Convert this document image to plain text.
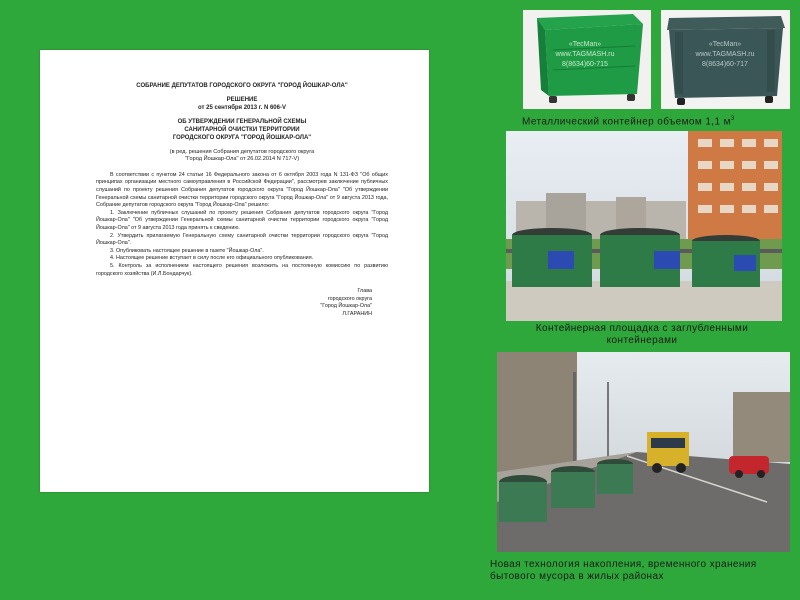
СОБРАНИЕ ДЕПУТАТОВ ГОРОДСКОГО ОКРУГА "ГОРОД ЙОШКАР-ОЛА"
РЕШЕНИЕ
от 25 сентября 2013 г. N 606-V
ОБ УТВЕРЖДЕНИИ ГЕНЕРАЛЬНОЙ СХЕМЫ
САНИТАРНОЙ ОЧИСТКИ ТЕРРИТОРИИ
ГОРОДСКОГО ОКРУГА "ГОРОД ЙОШКАР-ОЛА"
(в ред. решения Собрания депутатов городского округа
"Город Йошкар-Ола" от 26.02.2014 N 717-V)

В соответствии с пунктом 24 статьи 16 Федерального закона от 6 октября 2003 года N 131-ФЗ "Об общих принципах организации местного самоуправления в Российской Федерации", рассмотрев заключение публичных слушаний по проекту решения Собрания депутатов городского округа "Город Йошкар-Ола" "Об утверждении Генеральной схемы санитарной очистки территории городского округа "Город Йошкар-Ола" от 9 августа 2013 года, Собрание депутатов городского округа "Город Йошкар-Ола" решило:

1. Заключение публичных слушаний по проекту решения Собрания депутатов городского округа "Город Йошкар-Ола" "Об утверждении Генеральной схемы санитарной очистки территории городского округа "Город Йошкар-Ола" от 9 августа 2013 года принять к сведению.

2. Утвердить прилагаемую Генеральную схему санитарной очистки территории городского округа "Город Йошкар-Ола".

3. Опубликовать настоящее решение в газете "Йошкар-Ола".

4. Настоящее решение вступает в силу после его официального опубликования.

5. Контроль за исполнением настоящего решения возложить на постоянную комиссию по развитию городского хозяйства (И.Л.Бондарчук).

Глава
городского округа
"Город Йошкар-Ола"
Л.ГАРАНИН
«TecMan»
www.TAGMASH.ru
8(8634)60-715
«TecMan»
www.TAGMASH.ru
8(8634)60-717
Металлический контейнер объемом 1,1 $м^3$
Контейнерная площадка с заглубленными контейнерами
Новая технология накопления, временного хранения бытового мусора в жилых районах
